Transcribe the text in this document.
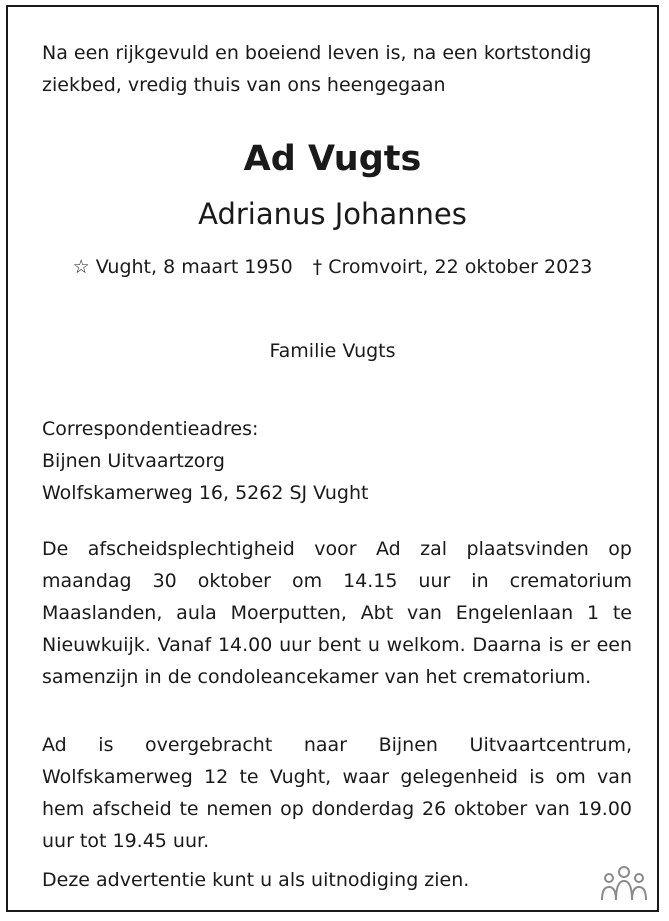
Na een rijkgevuld en boeiend leven is, na een kortstondig ziekbed, vredig thuis van ons heengegaan

Ad Vugts
Adrianus Johannes
☆ Vught, 8 maart 1950 † Cromvoirt, 22 oktober 2023
Familie Vugts
Correspondentieadres:
Bijnen Uitvaartzorg
Wolfskamerweg 16, 5262 SJ Vught

De afscheidsplechtigheid voor Ad zal plaatsvinden op maandag 30 oktober om 14.15 uur in crematorium Maaslanden, aula Moerputten, Abt van Engelenlaan 1 te Nieuwkuijk. Vanaf 14.00 uur bent u welkom. Daarna is er een samenzijn in de condoleancekamer van het crematorium.

Ad is overgebracht naar Bijnen Uitvaartcentrum, Wolfskamerweg 12 te Vught, waar gelegenheid is om van hem afscheid te nemen op donderdag 26 oktober van 19.00 uur tot 19.45 uur.

Deze advertentie kunt u als uitnodiging zien.
